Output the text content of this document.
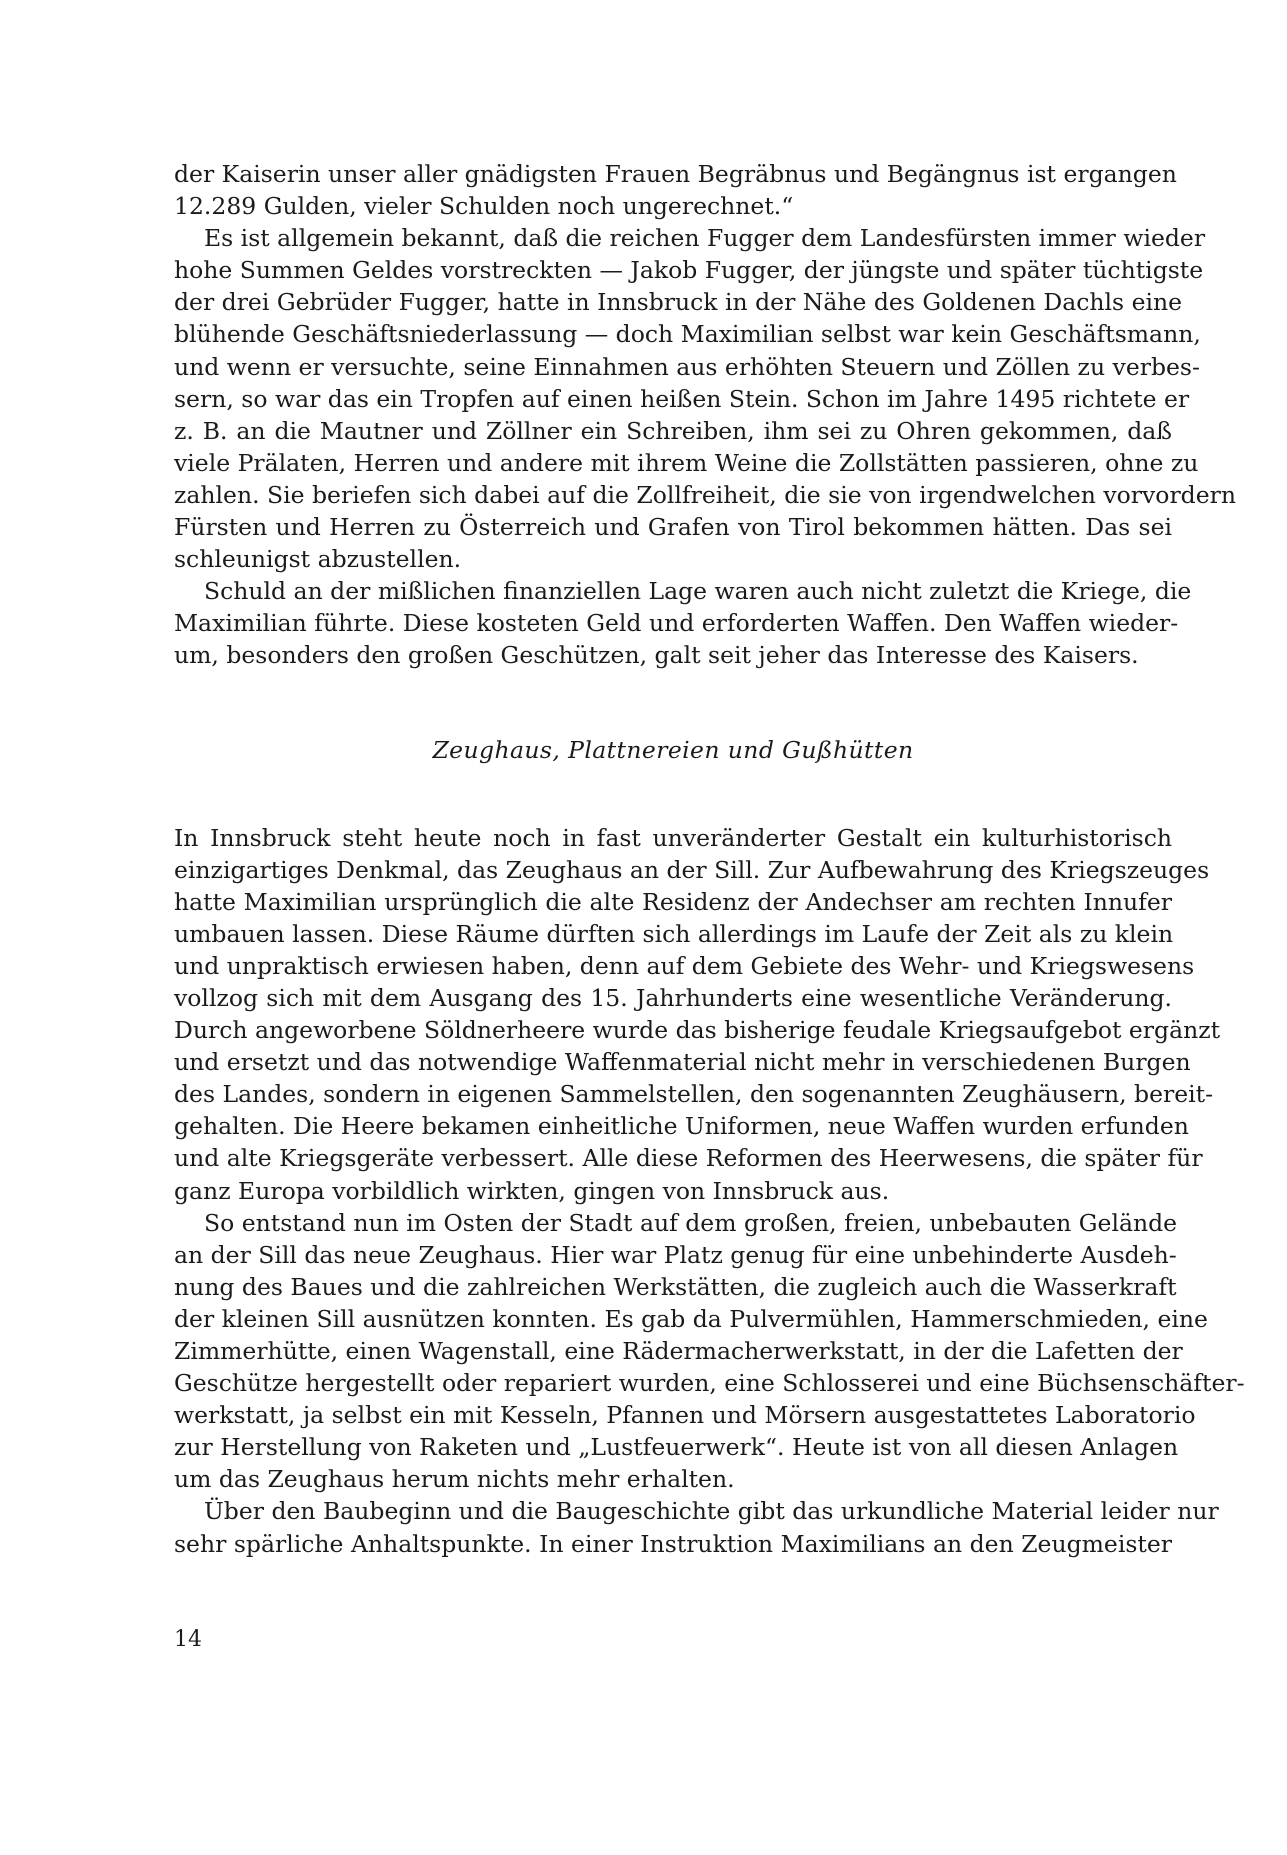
der Kaiserin unser aller gnädigsten Frauen Begräbnus und Begängnus ist ergangen
12.289 Gulden, vieler Schulden noch ungerechnet.“
Es ist allgemein bekannt, daß die reichen Fugger dem Landesfürsten immer wieder
hohe Summen Geldes vorstreckten — Jakob Fugger, der jüngste und später tüchtigste
der drei Gebrüder Fugger, hatte in Innsbruck in der Nähe des Goldenen Dachls eine
blühende Geschäftsniederlassung — doch Maximilian selbst war kein Geschäftsmann,
und wenn er versuchte, seine Einnahmen aus erhöhten Steuern und Zöllen zu verbes-
sern, so war das ein Tropfen auf einen heißen Stein. Schon im Jahre 1495 richtete er
z. B. an die Mautner und Zöllner ein Schreiben, ihm sei zu Ohren gekommen, daß
viele Prälaten, Herren und andere mit ihrem Weine die Zollstätten passieren, ohne zu
zahlen. Sie beriefen sich dabei auf die Zollfreiheit, die sie von irgendwelchen vorvordern
Fürsten und Herren zu Österreich und Grafen von Tirol bekommen hätten. Das sei
schleunigst abzustellen.
Schuld an der mißlichen finanziellen Lage waren auch nicht zuletzt die Kriege, die
Maximilian führte. Diese kosteten Geld und erforderten Waffen. Den Waffen wieder-
um, besonders den großen Geschützen, galt seit jeher das Interesse des Kaisers.
Zeughaus, Plattnereien und Gußhütten
In Innsbruck steht heute noch in fast unveränderter Gestalt ein kulturhistorisch
einzigartiges Denkmal, das Zeughaus an der Sill. Zur Aufbewahrung des Kriegszeuges
hatte Maximilian ursprünglich die alte Residenz der Andechser am rechten Innufer
umbauen lassen. Diese Räume dürften sich allerdings im Laufe der Zeit als zu klein
und unpraktisch erwiesen haben, denn auf dem Gebiete des Wehr- und Kriegswesens
vollzog sich mit dem Ausgang des 15. Jahrhunderts eine wesentliche Veränderung.
Durch angeworbene Söldnerheere wurde das bisherige feudale Kriegsaufgebot ergänzt
und ersetzt und das notwendige Waffenmaterial nicht mehr in verschiedenen Burgen
des Landes, sondern in eigenen Sammelstellen, den sogenannten Zeughäusern, bereit-
gehalten. Die Heere bekamen einheitliche Uniformen, neue Waffen wurden erfunden
und alte Kriegsgeräte verbessert. Alle diese Reformen des Heerwesens, die später für
ganz Europa vorbildlich wirkten, gingen von Innsbruck aus.
So entstand nun im Osten der Stadt auf dem großen, freien, unbebauten Gelände
an der Sill das neue Zeughaus. Hier war Platz genug für eine unbehinderte Ausdeh-
nung des Baues und die zahlreichen Werkstätten, die zugleich auch die Wasserkraft
der kleinen Sill ausnützen konnten. Es gab da Pulvermühlen, Hammerschmieden, eine
Zimmerhütte, einen Wagenstall, eine Rädermacherwerkstatt, in der die Lafetten der
Geschütze hergestellt oder repariert wurden, eine Schlosserei und eine Büchsenschäfter-
werkstatt, ja selbst ein mit Kesseln, Pfannen und Mörsern ausgestattetes Laboratorio
zur Herstellung von Raketen und „Lustfeuerwerk“. Heute ist von all diesen Anlagen
um das Zeughaus herum nichts mehr erhalten.
Über den Baubeginn und die Baugeschichte gibt das urkundliche Material leider nur
sehr spärliche Anhaltspunkte. In einer Instruktion Maximilians an den Zeugmeister
14
